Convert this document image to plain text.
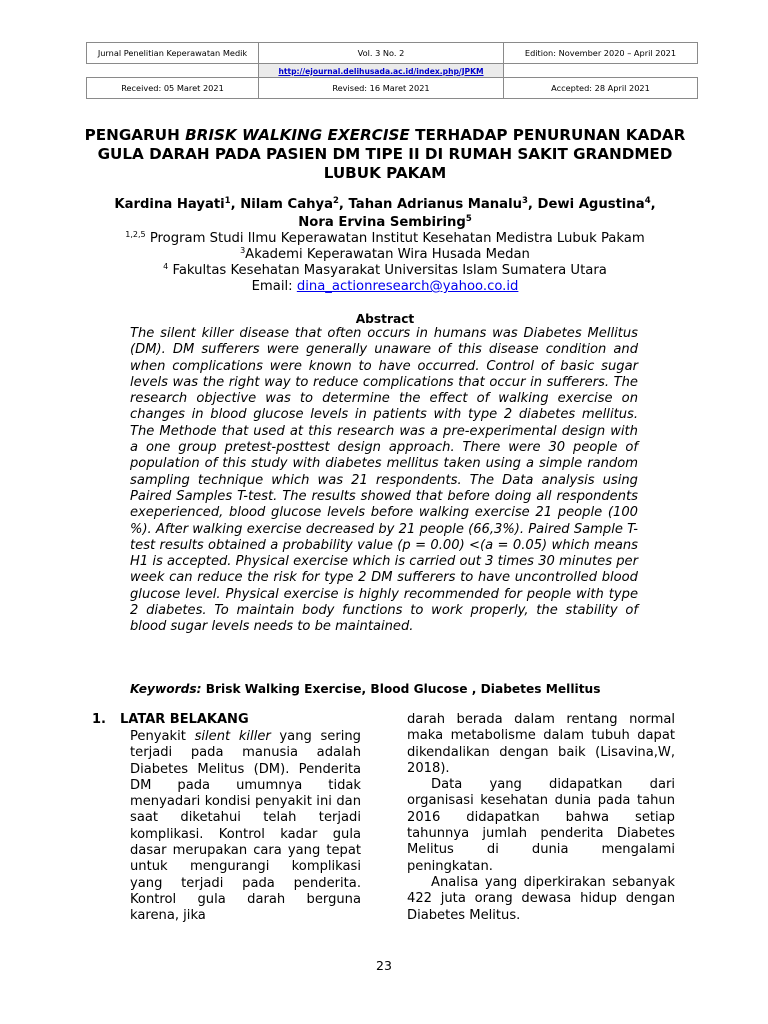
Jurnal Penelitian Keperawatan Medik	Vol. 3 No. 2	Edition: November 2020 – April 2021
	http://ejournal.delihusada.ac.id/index.php/JPKM	
Received: 05 Maret 2021	Revised: 16 Maret 2021	Accepted: 28 April 2021
PENGARUH BRISK WALKING EXERCISE TERHADAP PENURUNAN KADAR GULA DARAH PADA PASIEN DM TIPE II DI RUMAH SAKIT GRANDMED LUBUK PAKAM
Kardina Hayati$^1$, Nilam Cahya$^2$, Tahan Adrianus Manalu$^3$, Dewi Agustina$^4$,
Nora Ervina Sembiring$^5$
$^{1,2,5}$ Program Studi Ilmu Keperawatan Institut Kesehatan Medistra Lubuk Pakam
$^3$Akademi Keperawatan Wira Husada Medan
$^4$ Fakultas Kesehatan Masyarakat Universitas Islam Sumatera Utara
Email: dina_actionresearch@yahoo.co.id
Abstract
The silent killer disease that often occurs in humans was Diabetes Mellitus (DM). DM sufferers were generally unaware of this disease condition and when complications were known to have occurred. Control of basic sugar levels was the right way to reduce complications that occur in sufferers. The research objective was to determine the effect of walking exercise on changes in blood glucose levels in patients with type 2 diabetes mellitus. The Methode that used at this research was a pre-experimental design with a one group pretest-posttest design approach. There were 30 people of population of this study with diabetes mellitus taken using a simple random sampling technique which was 21 respondents. The Data analysis using Paired Samples T-test. The results showed that before doing all respondents exeperienced, blood glucose levels before walking exercise 21 people (100 %). After walking exercise decreased by 21 people (66,3%). Paired Sample T- test results obtained a probability value (p = 0.00) <(a = 0.05) which means H1 is accepted. Physical exercise which is carried out 3 times 30 minutes per week can reduce the risk for type 2 DM sufferers to have uncontrolled blood glucose level. Physical exercise is highly recommended for people with type 2 diabetes. To maintain body functions to work properly, the stability of blood sugar levels needs to be maintained.
Keywords: Brisk Walking Exercise, Blood Glucose , Diabetes Mellitus
1. LATAR BELAKANG

Penyakit silent killer yang sering terjadi pada manusia adalah Diabetes Melitus (DM). Penderita DM pada umumnya tidak menyadari kondisi penyakit ini dan saat diketahui telah terjadi komplikasi. Kontrol kadar gula dasar merupakan cara yang tepat untuk mengurangi komplikasi yang terjadi pada penderita. Kontrol gula darah berguna karena, jika

darah berada dalam rentang normal maka metabolisme dalam tubuh dapat dikendalikan dengan baik (Lisavina,W, 2018).

Data yang didapatkan dari organisasi kesehatan dunia pada tahun 2016 didapatkan bahwa setiap tahunnya jumlah penderita Diabetes Melitus di dunia mengalami peningkatan.

Analisa yang diperkirakan sebanyak 422 juta orang dewasa hidup dengan Diabetes Melitus.

23
